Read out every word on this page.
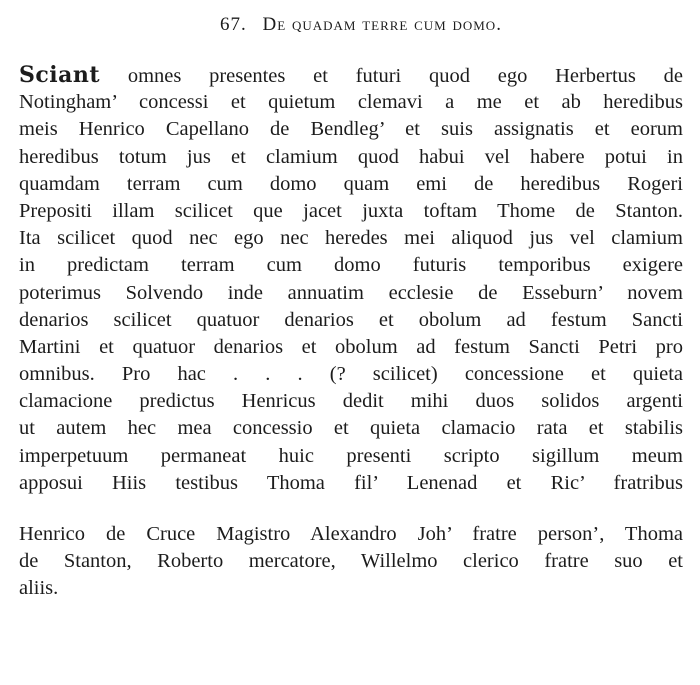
67. De quadam terre cum domo.
Sciant omnes presentes et futuri quod ego Herbertus de
Notingham’ concessi et quietum clemavi a me et ab heredibus
meis Henrico Capellano de Bendleg’ et suis assignatis et eorum
heredibus totum jus et clamium quod habui vel habere potui in
quamdam terram cum domo quam emi de heredibus Rogeri
Prepositi illam scilicet que jacet juxta toftam Thome de Stanton.
Ita scilicet quod nec ego nec heredes mei aliquod jus vel clamium
in predictam terram cum domo futuris temporibus exigere
poterimus Solvendo inde annuatim ecclesie de Esseburn’ novem
denarios scilicet quatuor denarios et obolum ad festum Sancti
Martini et quatuor denarios et obolum ad festum Sancti Petri pro
omnibus. Pro hac . . . (? scilicet) concessione et quieta
clamacione predictus Henricus dedit mihi duos solidos argenti
ut autem hec mea concessio et quieta clamacio rata et stabilis
imperpetuum permaneat huic presenti scripto sigillum meum
apposui Hiis testibus Thoma fil’ Lenenad et Ric’ fratribus
Henrico de Cruce Magistro Alexandro Joh’ fratre person’, Thoma
de Stanton, Roberto mercatore, Willelmo clerico fratre suo et
aliis.
